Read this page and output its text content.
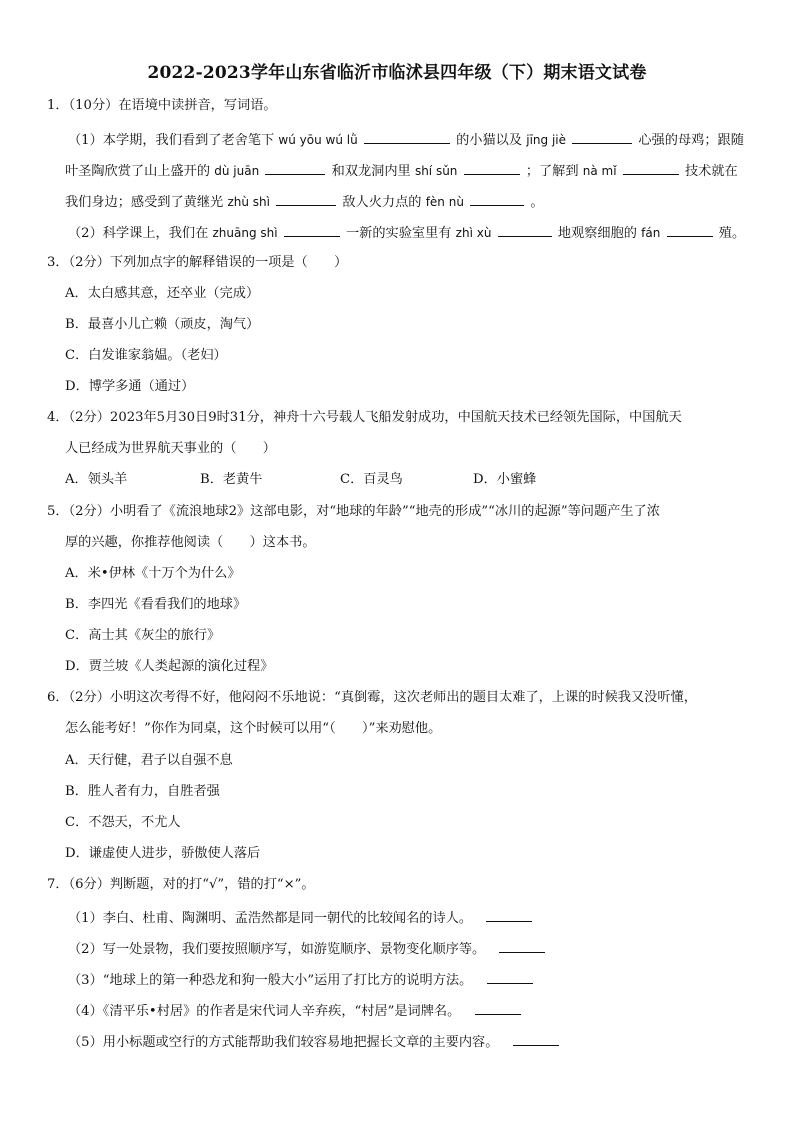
2022-2023学年山东省临沂市临沭县四年级（下）期末语文试卷
1．（10分）在语境中读拼音，写词语。
（1）本学期，我们看到了老舍笔下 wú yōu wú lǜ	的小猫以及 jīng jiè	心强的母鸡；跟随
叶圣陶欣赏了山上盛开的 dù juān	和双龙洞内里 shí sǔn	；了解到 nà mǐ	技术就在
我们身边；感受到了黄继光 zhù shì	敌人火力点的 fèn nù	。
（2）科学课上，我们在 zhuāng shì	一新的实验室里有 zhì xù	地观察细胞的 fán	殖。
3．（2分）下列加点字的解释错误的一项是（　　）
A．太白感其意，还卒业（完成）
B．最喜小儿亡赖（顽皮，淘气）
C．白发谁家翁媪。（老妇）
D．博学多通（通过）
4．（2分）2023年5月30日9时31分，神舟十六号载人飞船发射成功，中国航天技术已经领先国际，中国航天
人已经成为世界航天事业的（　　）
A．领头羊	B．老黄牛	C．百灵鸟	D．小蜜蜂
5．（2分）小明看了《流浪地球2》这部电影，对“地球的年龄”“地壳的形成”“冰川的起源”等问题产生了浓
厚的兴趣，你推荐他阅读（　　）这本书。
A．米•伊林《十万个为什么》
B．李四光《看看我们的地球》
C．高士其《灰尘的旅行》
D．贾兰坡《人类起源的演化过程》
6．（2分）小明这次考得不好，他闷闷不乐地说：“真倒霉，这次老师出的题目太难了，上课的时候我又没听懂，
怎么能考好！”你作为同桌，这个时候可以用“（　　）”来劝慰他。
A．天行健，君子以自强不息
B．胜人者有力，自胜者强
C．不怨天，不尤人
D．谦虚使人进步，骄傲使人落后
7．（6分）判断题，对的打“√”，错的打“×”。
（1）李白、杜甫、陶渊明、孟浩然都是同一朝代的比较闻名的诗人。
（2）写一处景物，我们要按照顺序写，如游览顺序、景物变化顺序等。
（3）“地球上的第一种恐龙和狗一般大小”运用了打比方的说明方法。
（4）《清平乐•村居》的作者是宋代词人辛弃疾，“村居”是词牌名。
（5）用小标题或空行的方式能帮助我们较容易地把握长文章的主要内容。
